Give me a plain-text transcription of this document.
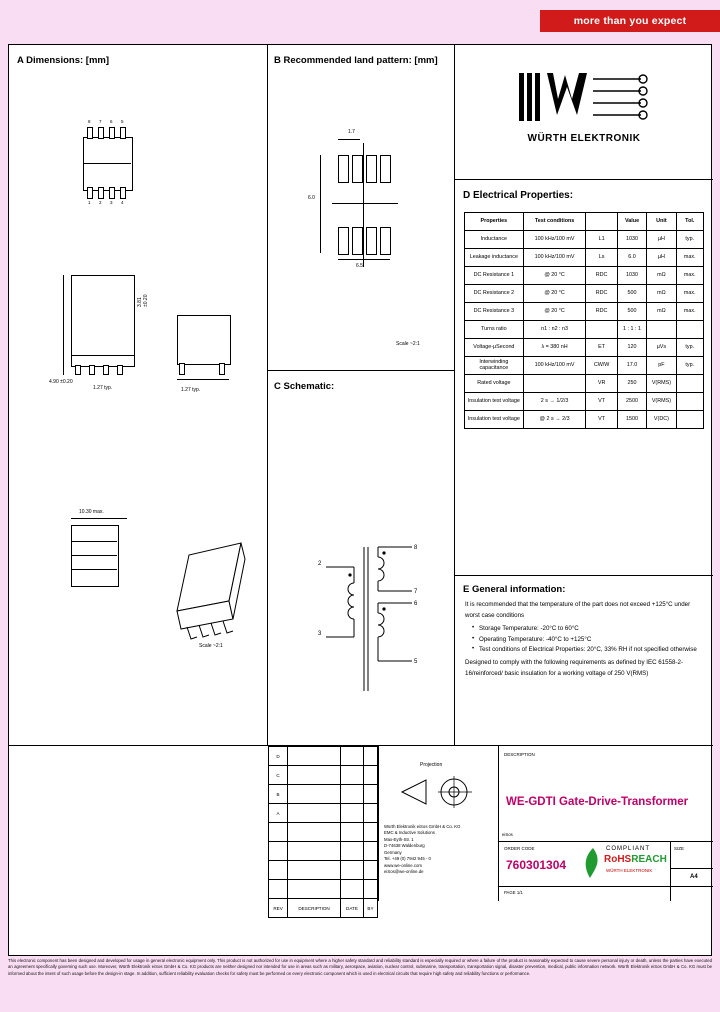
more than you expect
A Dimensions: [mm]
8 7 6 5
1 2 3 4
4.90 ±0.20
1.27 typ.
3.81 ±0.20
1.27 typ.
10.30 max.
Scale ~2:1
B Recommended land pattern: [mm]
1.7
6.0
6.5
Scale ~2:1
C Schematic:
2
3
8
7
6
5
WÜRTH ELEKTRONIK
D Electrical Properties:
Properties	Test conditions		Value	Unit	Tol.
Inductance	100 kHz/100 mV	L1	1030	µH	typ.
Leakage inductance	100 kHz/100 mV	Ls	6.0	µH	max.
DC Resistance 1	@ 20 °C	RDC	1030	mΩ	max.
DC Resistance 2	@ 20 °C	RDC	500	mΩ	max.
DC Resistance 3	@ 20 °C	RDC	500	mΩ	max.
Turns ratio	n1 : n2 : n3		1 : 1 : 1		
Voltage-μSecond	λ = 380 nH	ET	120	µVs	typ.
Interwinding capacitance	100 kHz/100 mV	CW/W	17.0	pF	typ.
Rated voltage		VR	250	V(RMS)	
Insulation test voltage	2 s → 1/2/3	VT	2500	V(RMS)	
Insulation test voltage	@ 2 s → 2/3	VT	1500	V(DC)	
E General information:
It is recommended that the temperature of the part does not exceed +125°C under worst case conditions
• Storage Temperature: -20°C to 60°C
• Operating Temperature: -40°C to +125°C
• Test conditions of Electrical Properties: 20°C, 33% RH if not specified otherwise
Designed to comply with the following requirements as defined by IEC 61558-2-16/reinforced/ basic insulation for a working voltage of 250 V(RMS)
D			
C			
B			
A			

REV	DESCRIPTION	DATE	BY
Projection
Würth Elektronik eiSos GmbH & Co. KG
EMC & Inductive Solutions
Max-Eyth-Str. 1
D-74638 Waldenburg
Germany
Tel. +49 (0) 7942 945 - 0
www.we-online.com
eiSos@we-online.de
DESCRIPTION
WE-GDTI Gate-Drive-Transformer
ORDER CODE
760301304
SIZE
A4
COMPLIANT
RoHSREACH
WÜRTH ELEKTRONIK
PAGE 1/1
eiSos
This electronic component has been designed and developed for usage in general electronic equipment only. This product is not authorized for use in equipment where a higher safety standard and reliability standard is especially required or where a failure of the product is reasonably expected to cause severe personal injury or death, unless the parties have executed an agreement specifically governing such use. Moreover, Würth Elektronik eiSos GmbH & Co. KG products are neither designed nor intended for use in areas such as military, aerospace, aviation, nuclear control, submarine, transportation, transportation signal, disaster prevention, medical, public information network. Würth Elektronik eiSos GmbH & Co. KG must be informed about the intent of such usage before the design-in stage. In addition, sufficient reliability evaluation checks for safety must be performed on every electronic component which is used in electrical circuits that require high safety and reliability functions or performance.
